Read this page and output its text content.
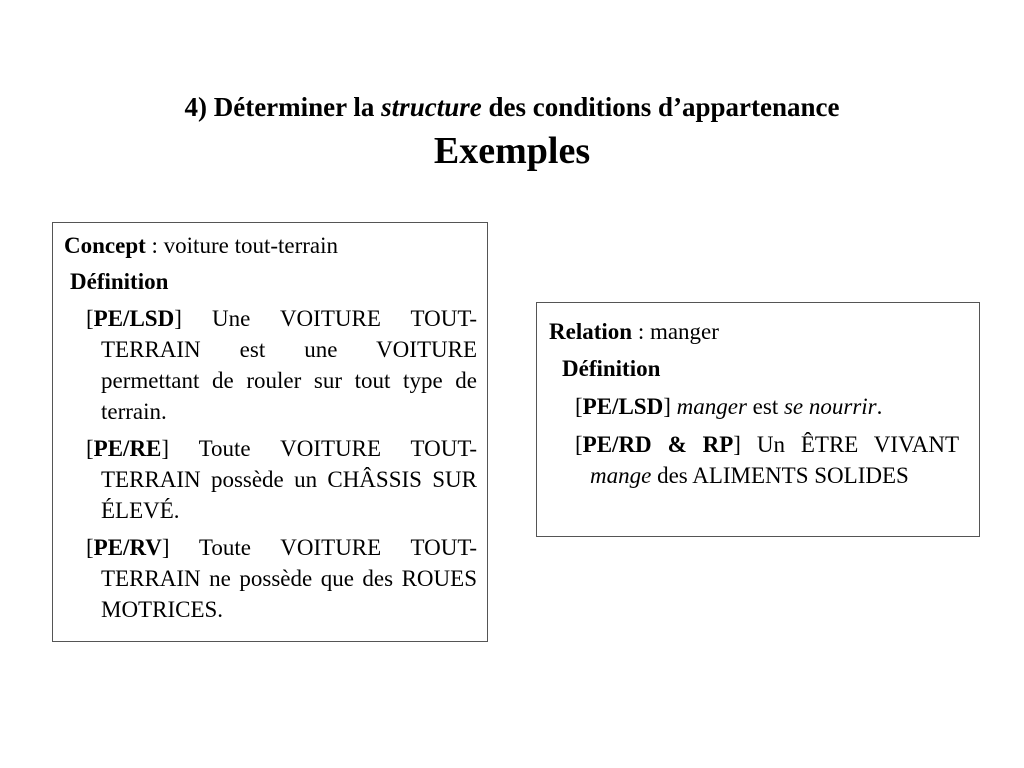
4) Déterminer la structure des conditions d’appartenance
Exemples

Concept : voiture tout-terrain

Définition

[PE/LSD] Une VOITURE TOUT-TERRAIN est une VOITURE permettant de rouler sur tout type de terrain.

[PE/RE] Toute VOITURE TOUT-TERRAIN possède un CHÂSSIS SUR ÉLEVÉ.

[PE/RV] Toute VOITURE TOUT-TERRAIN ne possède que des ROUES MOTRICES.

Relation : manger

Définition

[PE/LSD] manger est se nourrir.

[PE/RD & RP] Un ÊTRE VIVANT mange des ALIMENTS SOLIDES
